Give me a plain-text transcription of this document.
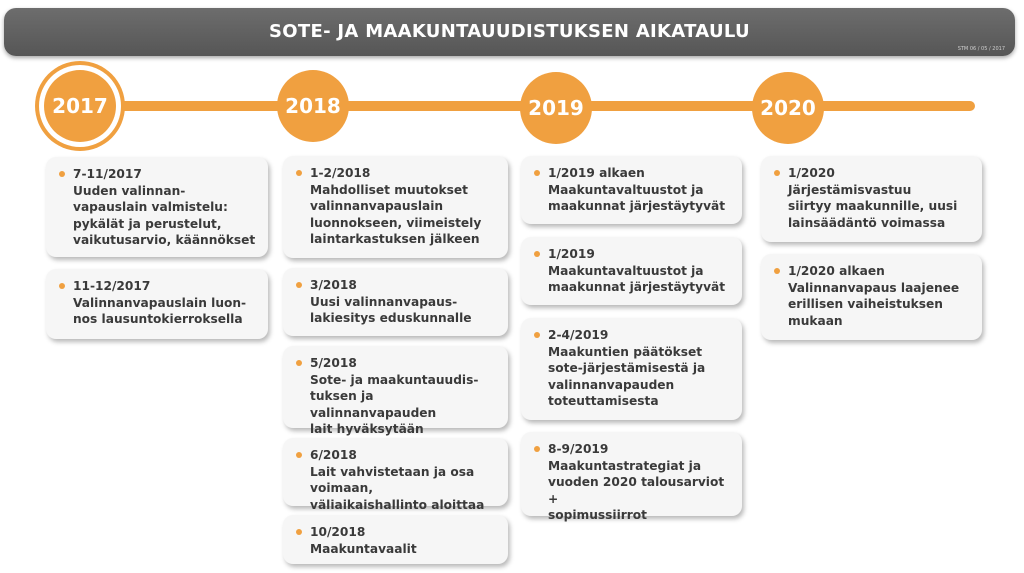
SOTE- JA MAAKUNTAUUDISTUKSEN AIKATAULU
STM 06 / 05 / 2017
2017	2018	2019	2020

7-11/2017

Uuden valinnan-
vapauslain valmistelu:
pykälät ja perustelut,
vaikutusarvio, käännökset

11-12/2017

Valinnanvapauslain luon-
nos lausuntokierroksella

1-2/2018

Mahdolliset muutokset
valinnanvapauslain
luonnokseen, viimeistely
laintarkastuksen jälkeen

3/2018

Uusi valinnanvapaus-
lakiesitys eduskunnalle

5/2018

Sote- ja maakuntauudis-
tuksen ja valinnanvapauden
lait hyväksytään

6/2018

Lait vahvistetaan ja osa voimaan,
väliaikaishallinto aloittaa

10/2018

Maakuntavaalit

1/2019 alkaen

Maakuntavaltuustot ja
maakunnat järjestäytyvät

1/2019

Maakuntavaltuustot ja
maakunnat järjestäytyvät

2-4/2019

Maakuntien päätökset
sote-järjestämisestä ja
valinnanvapauden
toteuttamisesta

8-9/2019

Maakuntastrategiat ja
vuoden 2020 talousarviot +
sopimussiirrot

1/2020

Järjestämisvastuu
siirtyy maakunnille, uusi
lainsäädäntö voimassa

1/2020 alkaen

Valinnanvapaus laajenee
erillisen vaiheistuksen
mukaan
